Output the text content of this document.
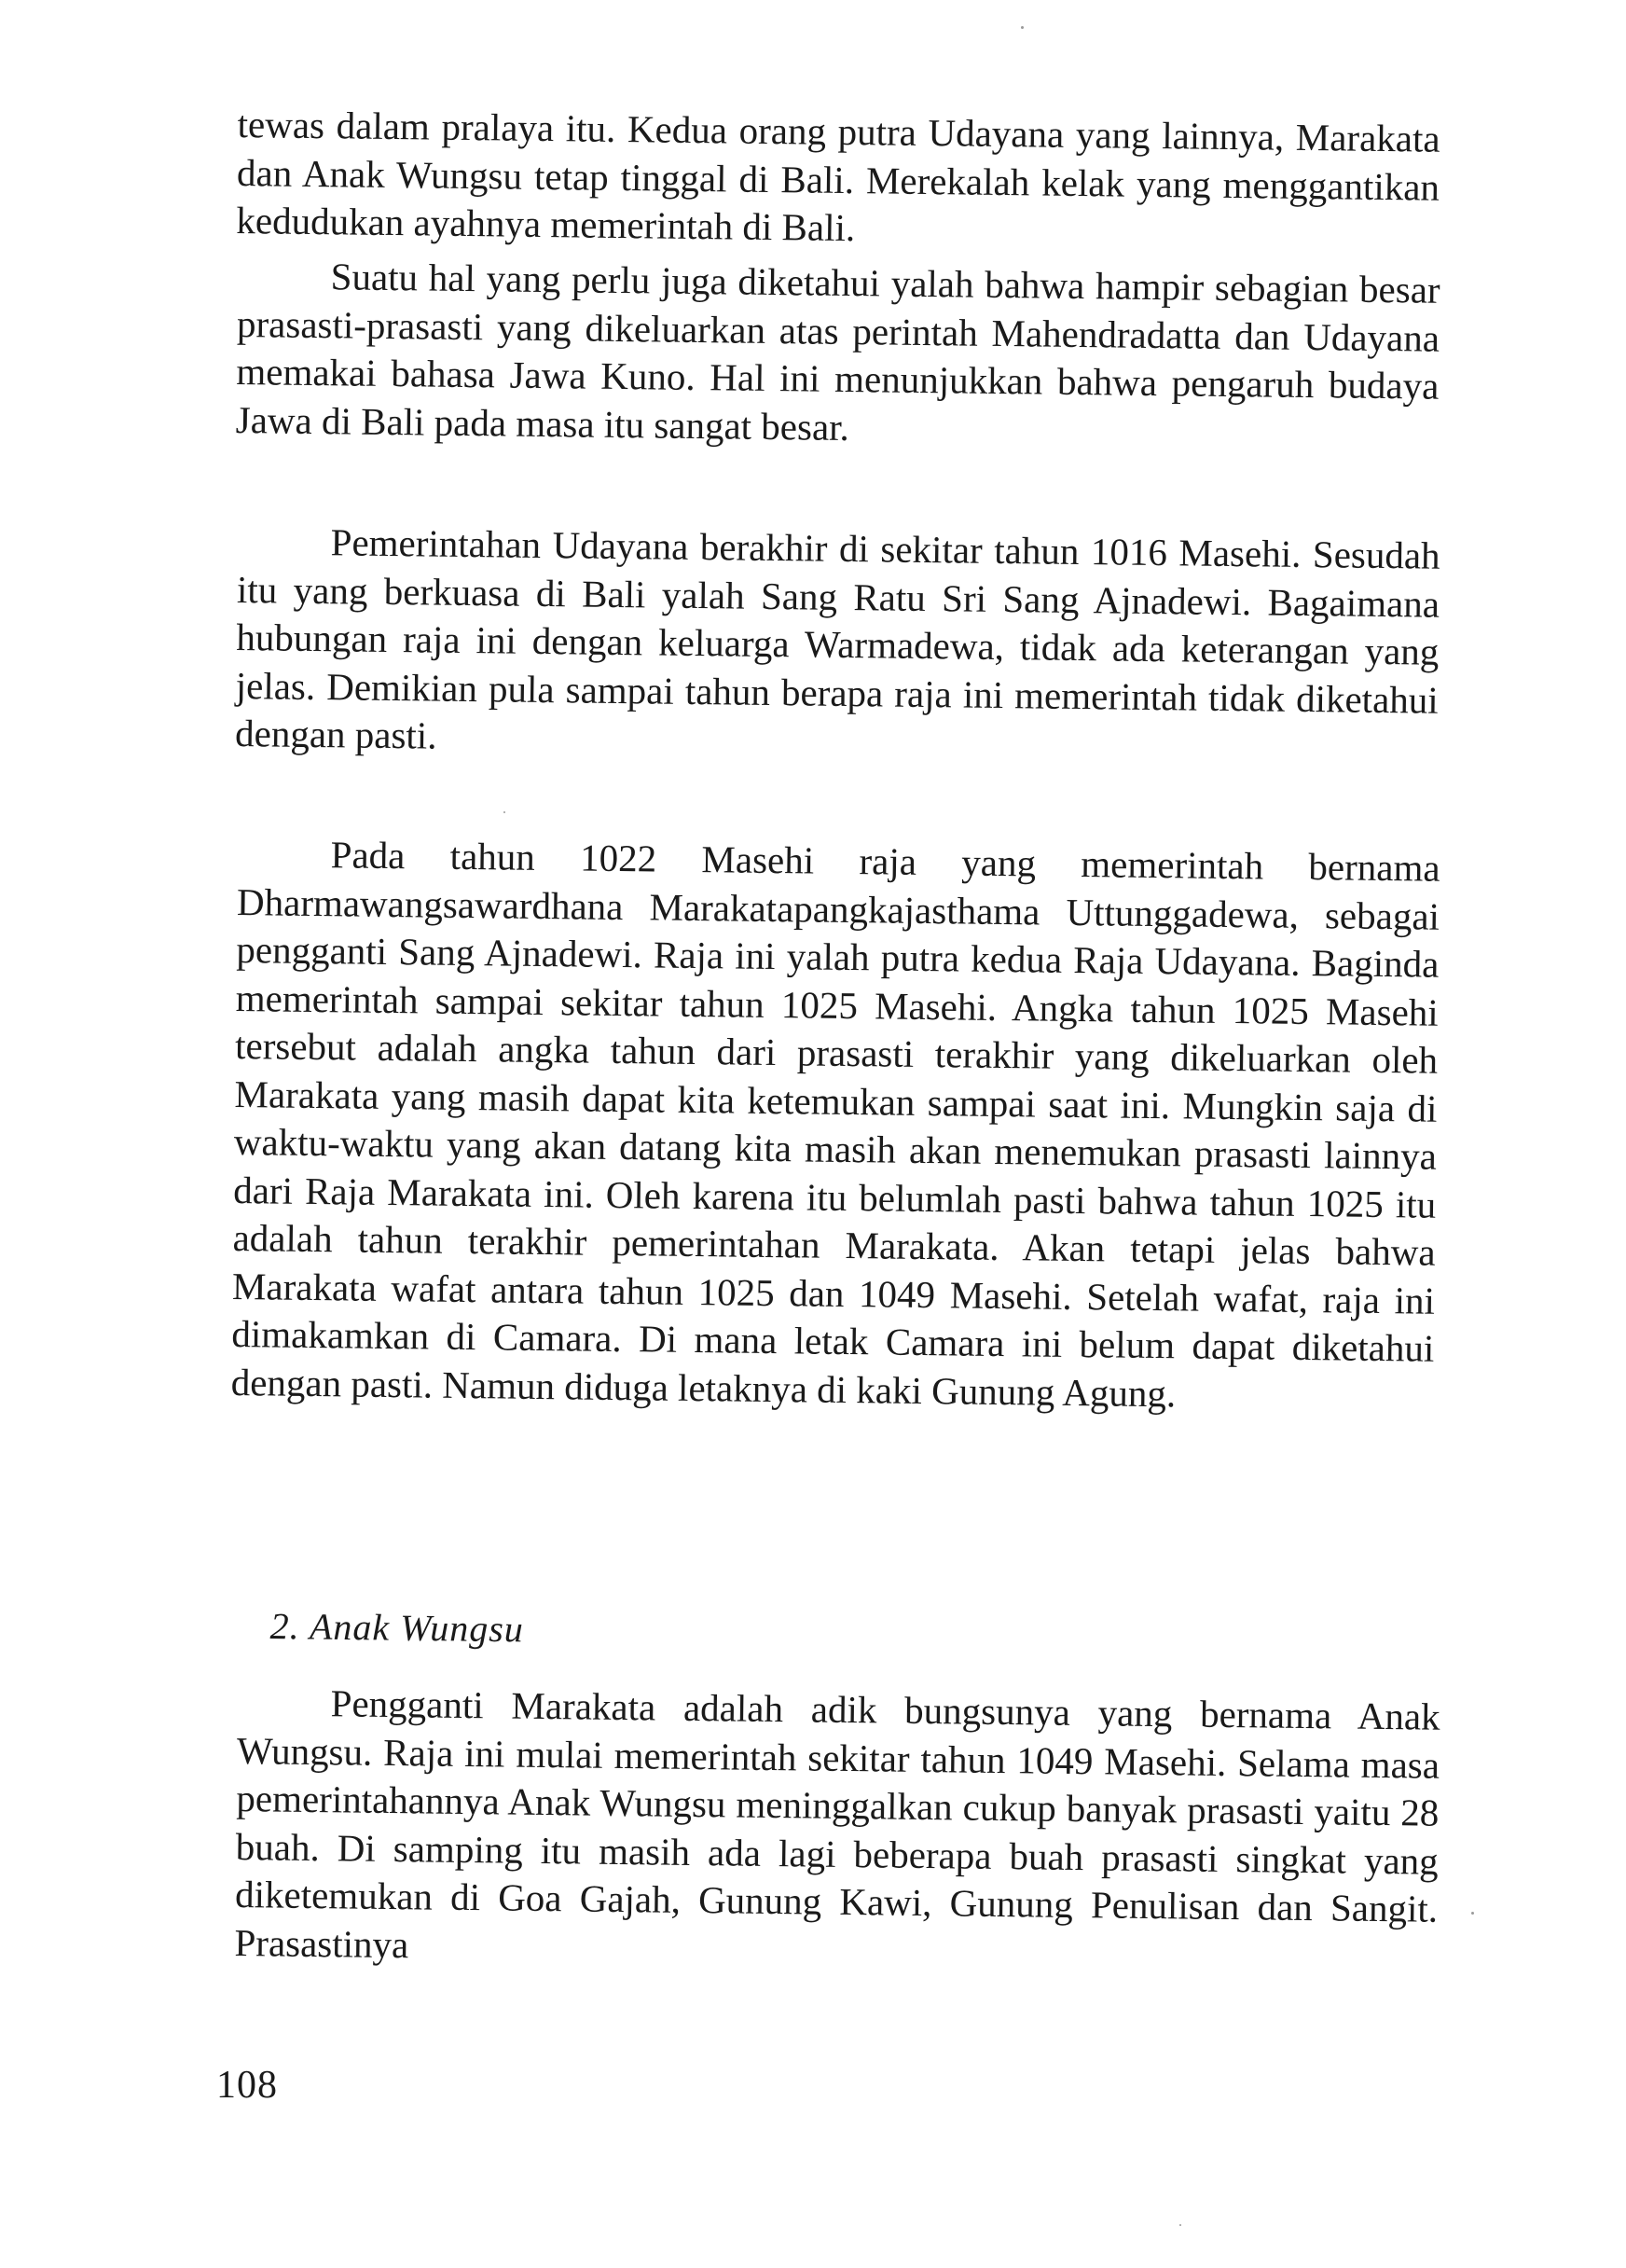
tewas dalam pralaya itu. Kedua orang putra Udayana yang lainnya, Marakata dan Anak Wungsu tetap tinggal di Bali. Merekalah kelak yang menggantikan kedudukan ayahnya memerintah di Bali.

Suatu hal yang perlu juga diketahui yalah bahwa hampir sebagian besar prasasti-prasasti yang dikeluarkan atas perintah Mahendradatta dan Udayana memakai bahasa Jawa Kuno. Hal ini menunjukkan bahwa pengaruh budaya Jawa di Bali pada masa itu sangat besar.

Pemerintahan Udayana berakhir di sekitar tahun 1016 Masehi. Sesudah itu yang berkuasa di Bali yalah Sang Ratu Sri Sang Ajnadewi. Bagaimana hubungan raja ini dengan keluarga Warmadewa, tidak ada keterangan yang jelas. Demikian pula sampai tahun berapa raja ini memerintah tidak diketahui dengan pasti.

Pada tahun 1022 Masehi raja yang memerintah bernama Dharmawangsawardhana Marakatapangkajasthama Uttunggadewa, sebagai pengganti Sang Ajnadewi. Raja ini yalah putra kedua Raja Udayana. Baginda memerintah sampai sekitar tahun 1025 Masehi. Angka tahun 1025 Masehi tersebut adalah angka tahun dari prasasti terakhir yang dikeluarkan oleh Marakata yang masih dapat kita ketemukan sampai saat ini. Mungkin saja di waktu-waktu yang akan datang kita masih akan menemukan prasasti lainnya dari Raja Marakata ini. Oleh karena itu belumlah pasti bahwa tahun 1025 itu adalah tahun terakhir pemerintahan Marakata. Akan tetapi jelas bahwa Marakata wafat antara tahun 1025 dan 1049 Masehi. Setelah wafat, raja ini dimakamkan di Camara. Di mana letak Camara ini belum dapat diketahui dengan pasti. Namun diduga letaknya di kaki Gunung Agung.

2. Anak Wungsu

Pengganti Marakata adalah adik bungsunya yang bernama Anak Wungsu. Raja ini mulai memerintah sekitar tahun 1049 Masehi. Selama masa pemerintahannya Anak Wungsu meninggalkan cukup banyak prasasti yaitu 28 buah. Di samping itu masih ada lagi beberapa buah prasasti singkat yang diketemukan di Goa Gajah, Gunung Kawi, Gunung Penulisan dan Sangit. Prasastinya

108
